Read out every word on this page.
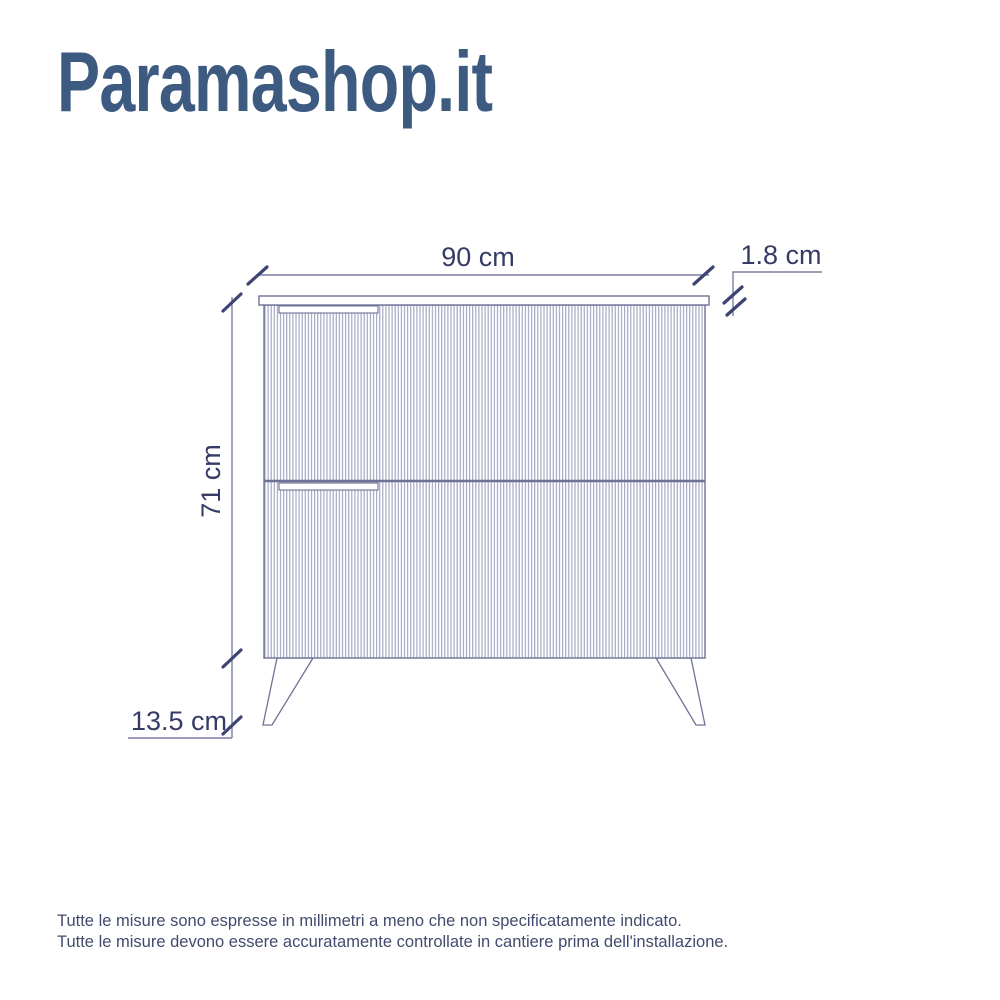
Paramashop.it
90 cm	1.8 cm
71 cm
13.5 cm
Tutte le misure sono espresse in millimetri a meno che non specificatamente indicato.
Tutte le misure devono essere accuratamente controllate in cantiere prima dell'installazione.
